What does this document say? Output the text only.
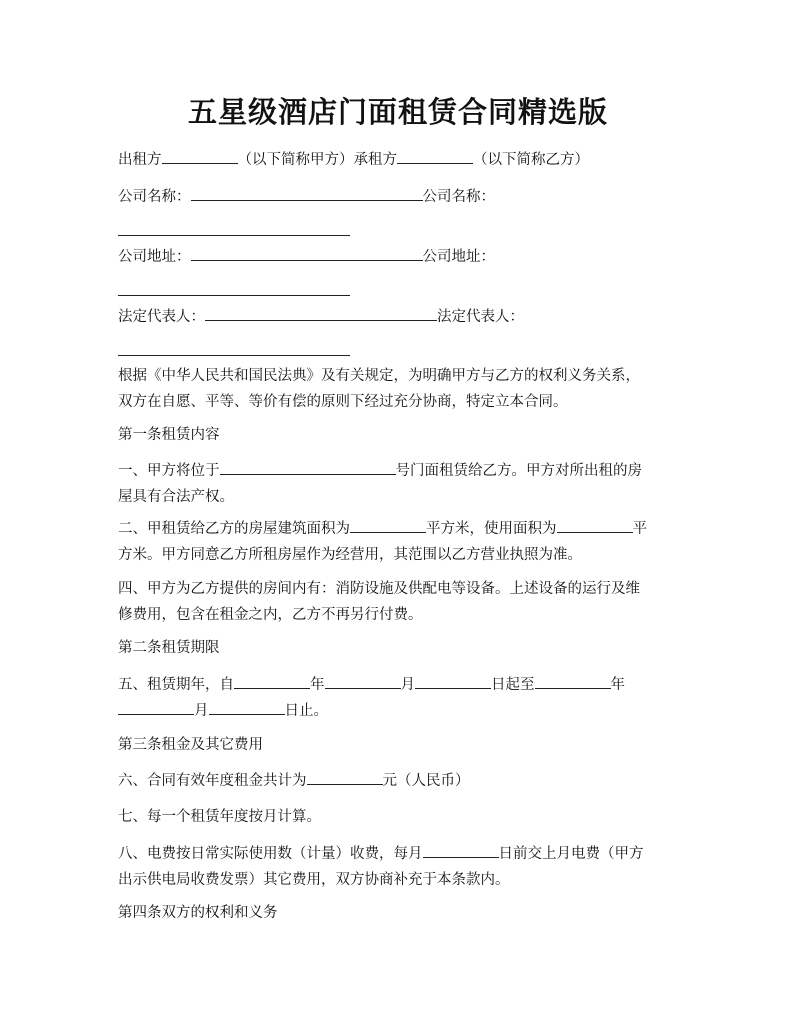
五星级酒店门面租赁合同精选版
出租方	（以下简称甲方）承租方	（以下简称乙方）
公司名称：	公司名称：
公司地址：	公司地址：
法定代表人：	法定代表人：
根据《中华人民共和国民法典》及有关规定，为明确甲方与乙方的权利义务关系，
双方在自愿、平等、等价有偿的原则下经过充分协商，特定立本合同。
第一条租赁内容
一、甲方将位于	号门面租赁给乙方。甲方对所出租的房
屋具有合法产权。
二、甲租赁给乙方的房屋建筑面积为	平方米，使用面积为	平
方米。甲方同意乙方所租房屋作为经营用，其范围以乙方营业执照为准。
四、甲方为乙方提供的房间内有：消防设施及供配电等设备。上述设备的运行及维
修费用，包含在租金之内，乙方不再另行付费。
第二条租赁期限
五、租赁期年，自	年	月	日起至	年
月	日止。
第三条租金及其它费用
六、合同有效年度租金共计为	元（人民币）
七、每一个租赁年度按月计算。
八、电费按日常实际使用数（计量）收费，每月	日前交上月电费（甲方
出示供电局收费发票）其它费用，双方协商补充于本条款内。
第四条双方的权利和义务
